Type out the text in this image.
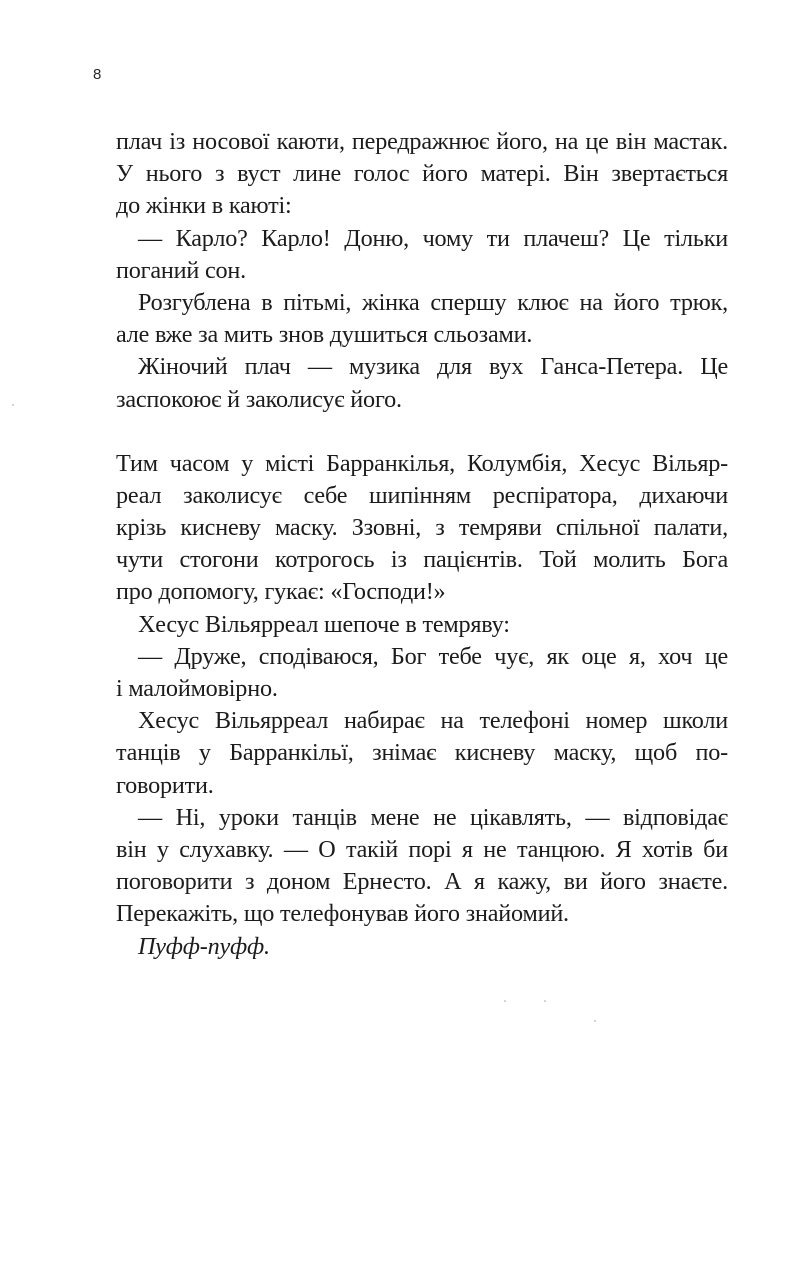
8
плач із носової каюти, передражнює його, на це він мастак.
У нього з вуст лине голос його матері. Він звертається
до жінки в каюті:
— Карло? Карло! Доню, чому ти плачеш? Це тільки
поганий сон.
Розгублена в пітьмі, жінка спершу клює на його трюк,
але вже за мить знов душиться сльозами.
Жіночий плач — музика для вух Ганса-Петера. Це
заспокоює й заколисує його.
Тим часом у місті Барранкілья, Колумбія, Хесус Вільяр-
реал заколисує себе шипінням респіратора, дихаючи
крізь кисневу маску. Ззовні, з темряви спільної палати,
чути стогони котрогось із пацієнтів. Той молить Бога
про допомогу, гукає: «Господи!»
Хесус Вільярреал шепоче в темряву:
— Друже, сподіваюся, Бог тебе чує, як оце я, хоч це
і малоймовірно.
Хесус Вільярреал набирає на телефоні номер школи
танців у Барранкільї, знімає кисневу маску, щоб по-
говорити.
— Ні, уроки танців мене не цікавлять, — відповідає
він у слухавку. — О такій порі я не танцюю. Я хотів би
поговорити з доном Ернесто. А я кажу, ви його знаєте.
Перекажіть, що телефонував його знайомий.
Пуфф-пуфф.
